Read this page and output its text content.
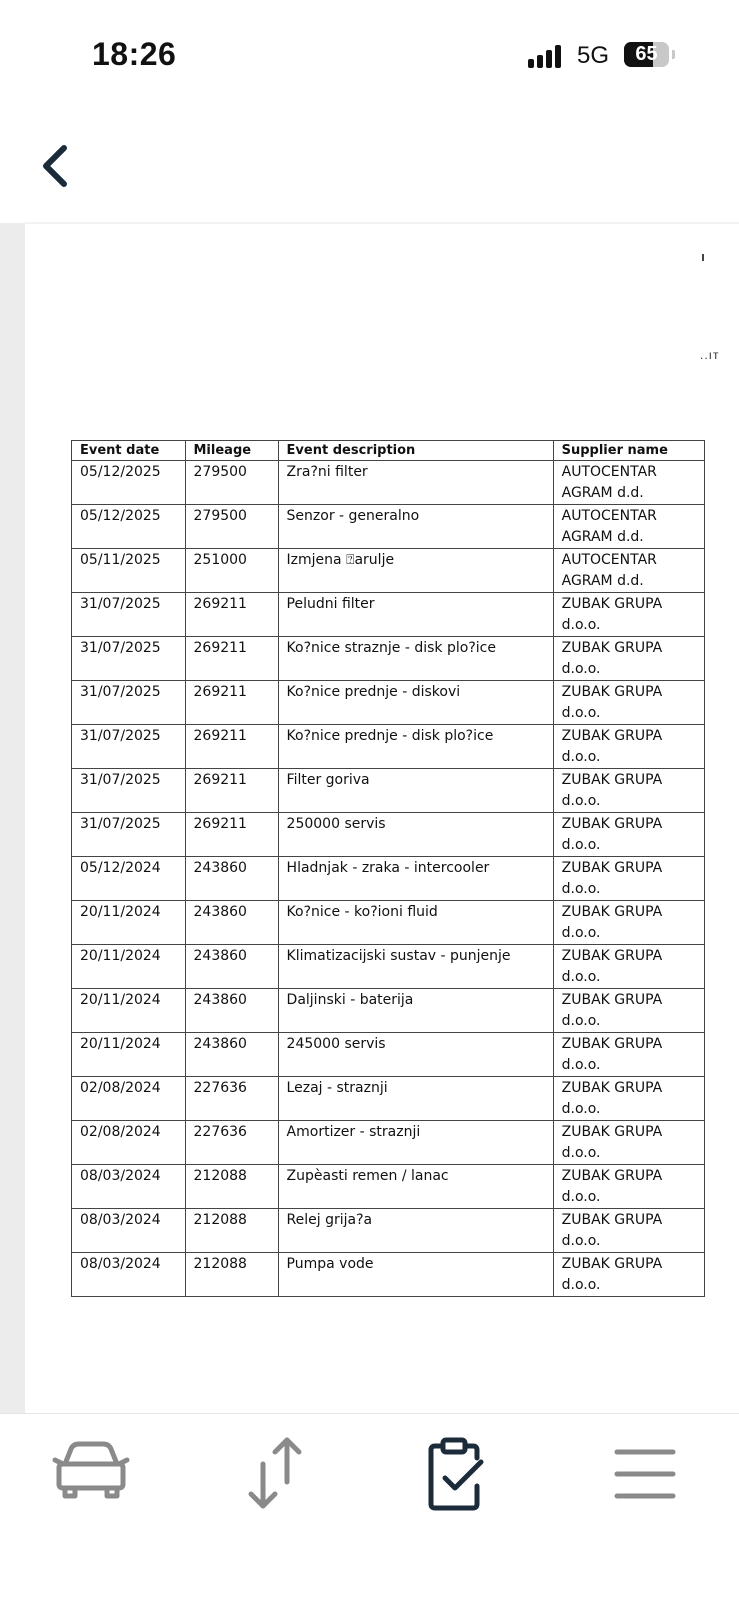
18:26	5G	65
..ıт
Event date	Mileage	Event description	Supplier name
05/12/2025	279500	Zra?ni filter	AUTOCENTAR AGRAM d.d.
05/12/2025	279500	Senzor - generalno	AUTOCENTAR AGRAM d.d.
05/11/2025	251000	Izmjena ⍰arulje	AUTOCENTAR AGRAM d.d.
31/07/2025	269211	Peludni filter	ZUBAK GRUPA d.o.o.
31/07/2025	269211	Ko?nice straznje - disk plo?ice	ZUBAK GRUPA d.o.o.
31/07/2025	269211	Ko?nice prednje - diskovi	ZUBAK GRUPA d.o.o.
31/07/2025	269211	Ko?nice prednje - disk plo?ice	ZUBAK GRUPA d.o.o.
31/07/2025	269211	Filter goriva	ZUBAK GRUPA d.o.o.
31/07/2025	269211	250000 servis	ZUBAK GRUPA d.o.o.
05/12/2024	243860	Hladnjak - zraka - intercooler	ZUBAK GRUPA d.o.o.
20/11/2024	243860	Ko?nice - ko?ioni fluid	ZUBAK GRUPA d.o.o.
20/11/2024	243860	Klimatizacijski sustav - punjenje	ZUBAK GRUPA d.o.o.
20/11/2024	243860	Daljinski - baterija	ZUBAK GRUPA d.o.o.
20/11/2024	243860	245000 servis	ZUBAK GRUPA d.o.o.
02/08/2024	227636	Lezaj - straznji	ZUBAK GRUPA d.o.o.
02/08/2024	227636	Amortizer - straznji	ZUBAK GRUPA d.o.o.
08/03/2024	212088	Zupèasti remen / lanac	ZUBAK GRUPA d.o.o.
08/03/2024	212088	Relej grija?a	ZUBAK GRUPA d.o.o.
08/03/2024	212088	Pumpa vode	ZUBAK GRUPA d.o.o.
